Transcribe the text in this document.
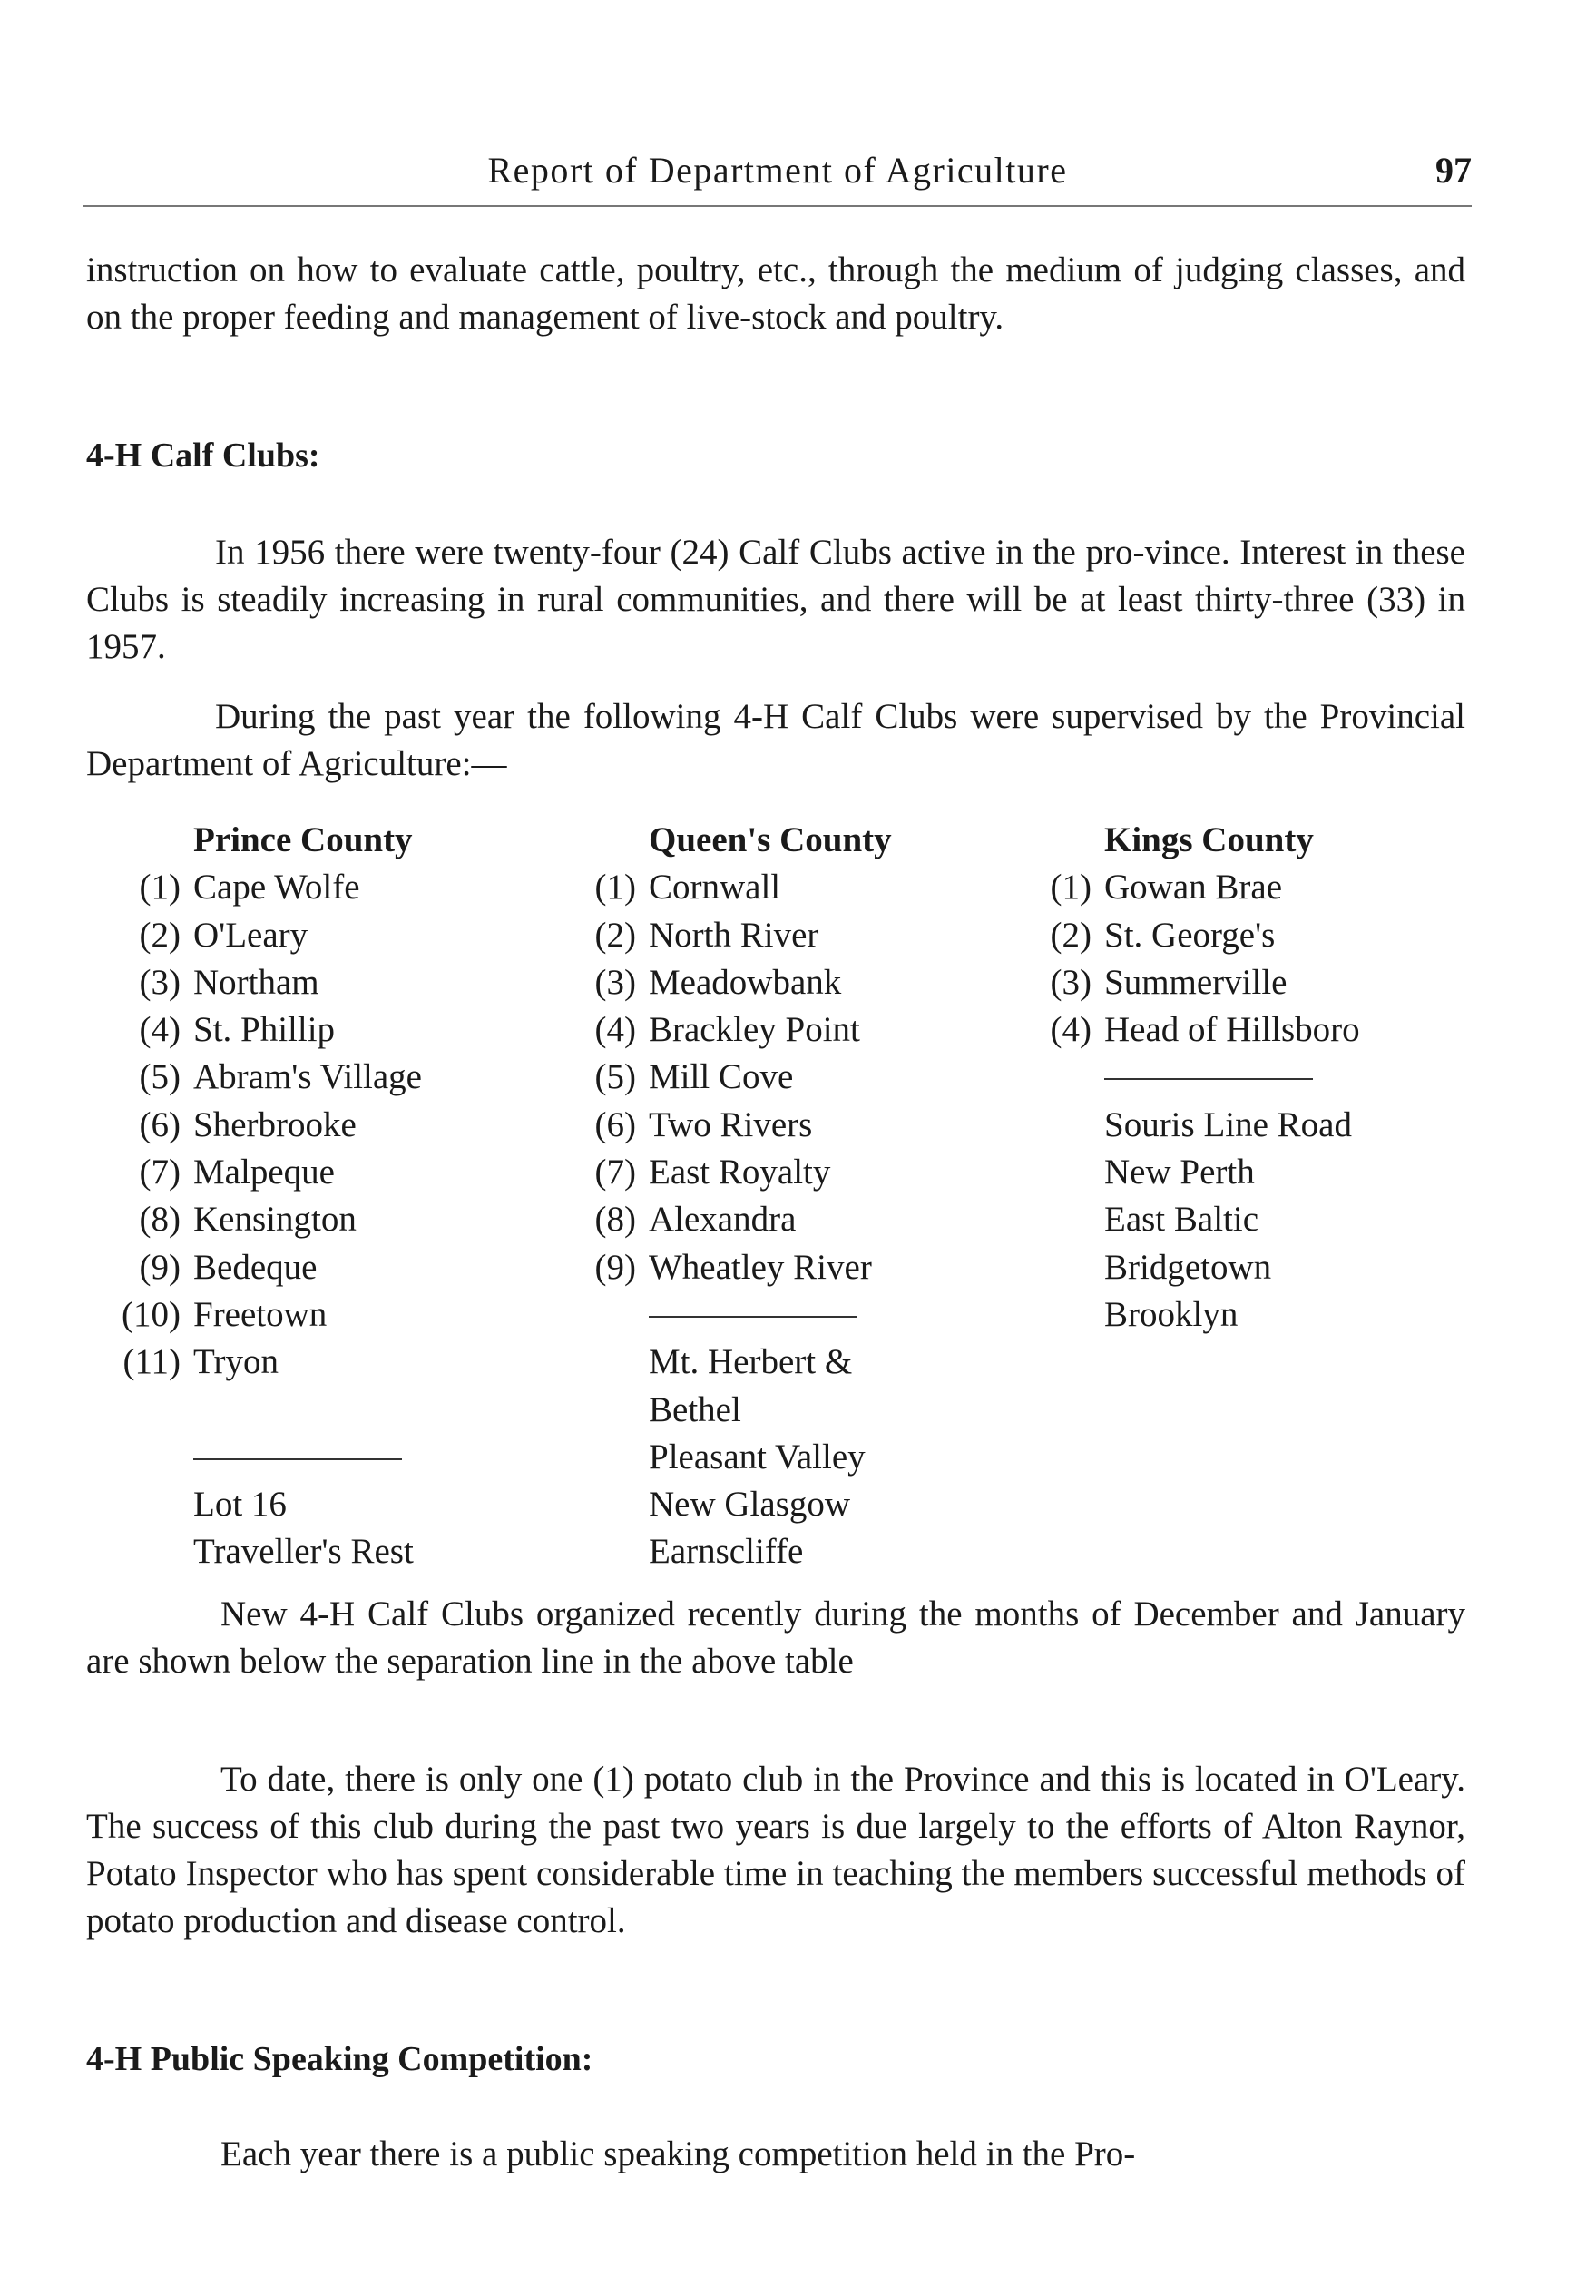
Report of Department of Agriculture	97

instruction on how to evaluate cattle, poultry, etc., through the medium of judging classes, and on the proper feeding and management of live-stock and poultry.

4-H Calf Clubs:

In 1956 there were twenty-four (24) Calf Clubs active in the pro-vince. Interest in these Clubs is steadily increasing in rural communities, and there will be at least thirty-three (33) in 1957.

During the past year the following 4-H Calf Clubs were supervised by the Provincial Department of Agriculture:—

Prince County
(1) Cape Wolfe
(2) O'Leary
(3) Northam
(4) St. Phillip
(5) Abram's Village
(6) Sherbrooke
(7) Malpeque
(8) Kensington
(9) Bedeque
(10) Freetown
(11) Tryon
Lot 16
Traveller's Rest
Queen's County
(1) Cornwall
(2) North River
(3) Meadowbank
(4) Brackley Point
(5) Mill Cove
(6) Two Rivers
(7) East Royalty
(8) Alexandra
(9) Wheatley River
Mt. Herbert &
Bethel
Pleasant Valley
New Glasgow
Earnscliffe
Kings County
(1) Gowan Brae
(2) St. George's
(3) Summerville
(4) Head of Hillsboro
Souris Line Road
New Perth
East Baltic
Bridgetown
Brooklyn

New 4-H Calf Clubs organized recently during the months of December and January are shown below the separation line in the above table

To date, there is only one (1) potato club in the Province and this is located in O'Leary. The success of this club during the past two years is due largely to the efforts of Alton Raynor, Potato Inspector who has spent considerable time in teaching the members successful methods of potato production and disease control.

4-H Public Speaking Competition:

Each year there is a public speaking competition held in the Pro-
